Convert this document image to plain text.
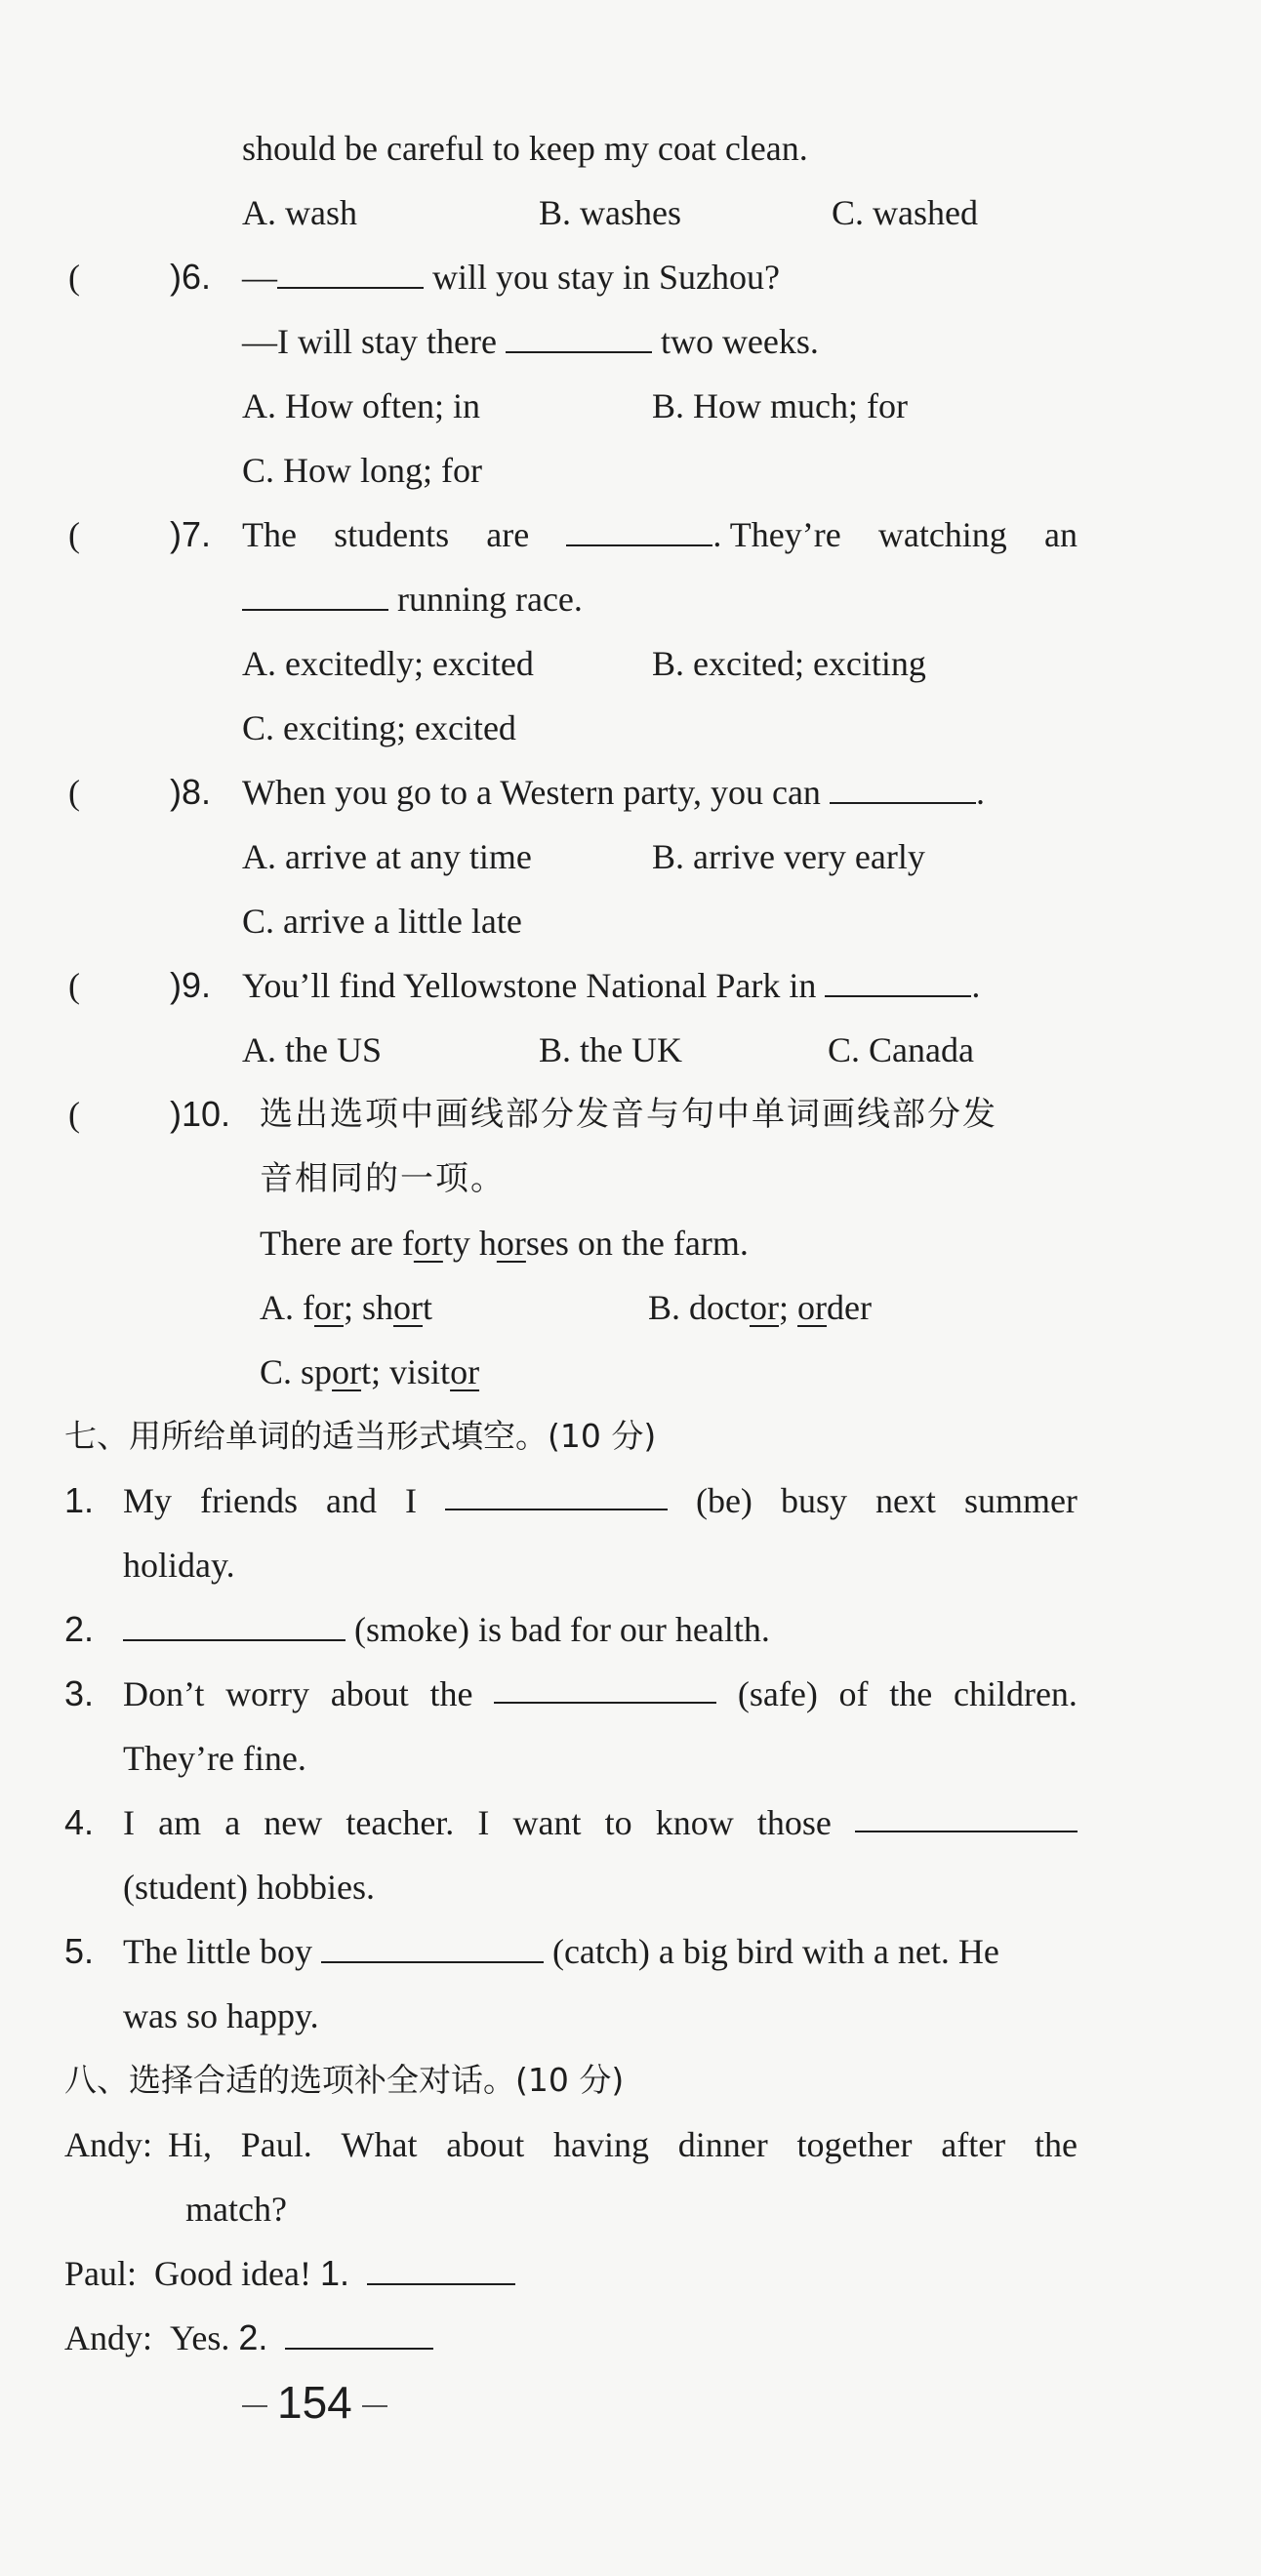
should be careful to keep my coat clean.
A. wash	B. washes	C. washed
(	)6. —	will you stay in Suzhou?
—I will stay there	two weeks.
A. How often; in	B. How much; for
C. How long; for
(	)7. The students are	. They’re watching an
running race.
A. excitedly; excited	B. excited; exciting
C. exciting; excited
(	)8. When you go to a Western party, you can	.
A. arrive at any time	B. arrive very early
C. arrive a little late
(	)9. You’ll find Yellowstone National Park in	.
A. the US	B. the UK	C. Canada
(	)10. 选出选项中画线部分发音与句中单词画线部分发
音相同的一项。
There are forty horses on the farm.
A. for; short	B. doctor; order
C. sport; visitor
七、用所给单词的适当形式填空。(10 分)
1. My friends and I	(be) busy next summer
holiday.
2.	(smoke) is bad for our health.
3. Don’t worry about the	(safe) of the children.
They’re fine.
4. I am a new teacher. I want to know those
(student) hobbies.
5. The little boy	(catch) a big bird with a net. He
was so happy.
八、选择合适的选项补全对话。(10 分)
Andy: Hi, Paul. What about having dinner together after the
match?
Paul: Good idea! 1.
Andy: Yes. 2.
154
